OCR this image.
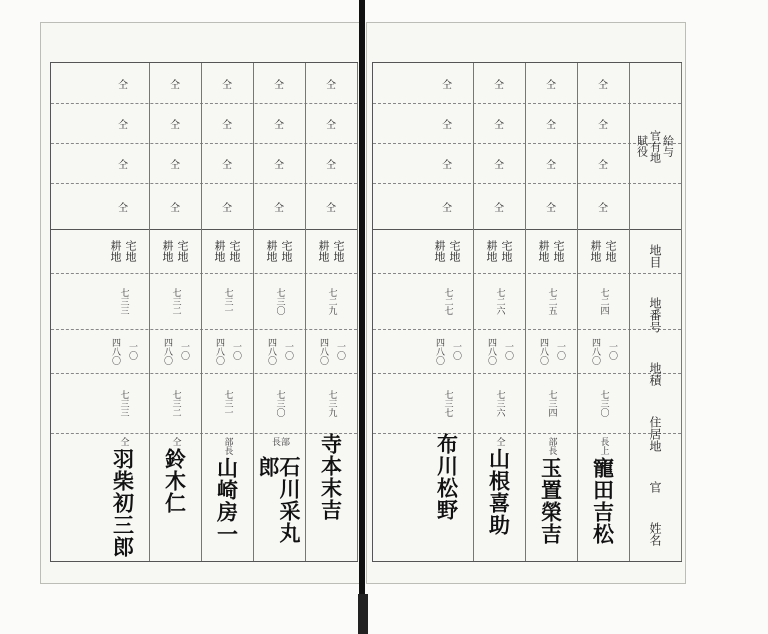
給与
官有地
賦役
地目
地番号
地積
住居地
官
姓名
仝
仝
仝
仝
宅地
耕地
七二四
一〇
四八〇
七三〇
長上
寵田吉松
仝
仝
仝
仝
宅地
耕地
七二五
一〇
四八〇
七三四
部長
玉置榮吉
仝
仝
仝
仝
宅地
耕地
七二六
一〇
四八〇
七三六
仝
山根喜助
仝
仝
仝
仝
宅地
耕地
七二七
一〇
四八〇
七三七
布川松野
仝
仝
仝
仝
宅地
耕地
七二九
一〇
四八〇
七三九
寺本末吉
仝
仝
仝
仝
宅地
耕地
七三〇
一〇
四八〇
七三〇
部長
石川采丸郎
仝
仝
仝
仝
宅地
耕地
七三一
一〇
四八〇
七三一
部長
山崎房一
仝
仝
仝
仝
宅地
耕地
七三二
一〇
四八〇
七三二
仝
鈴木仁
仝
仝
仝
仝
宅地
耕地
七三三
一〇
四八〇
七三三
仝
羽柴初三郎
